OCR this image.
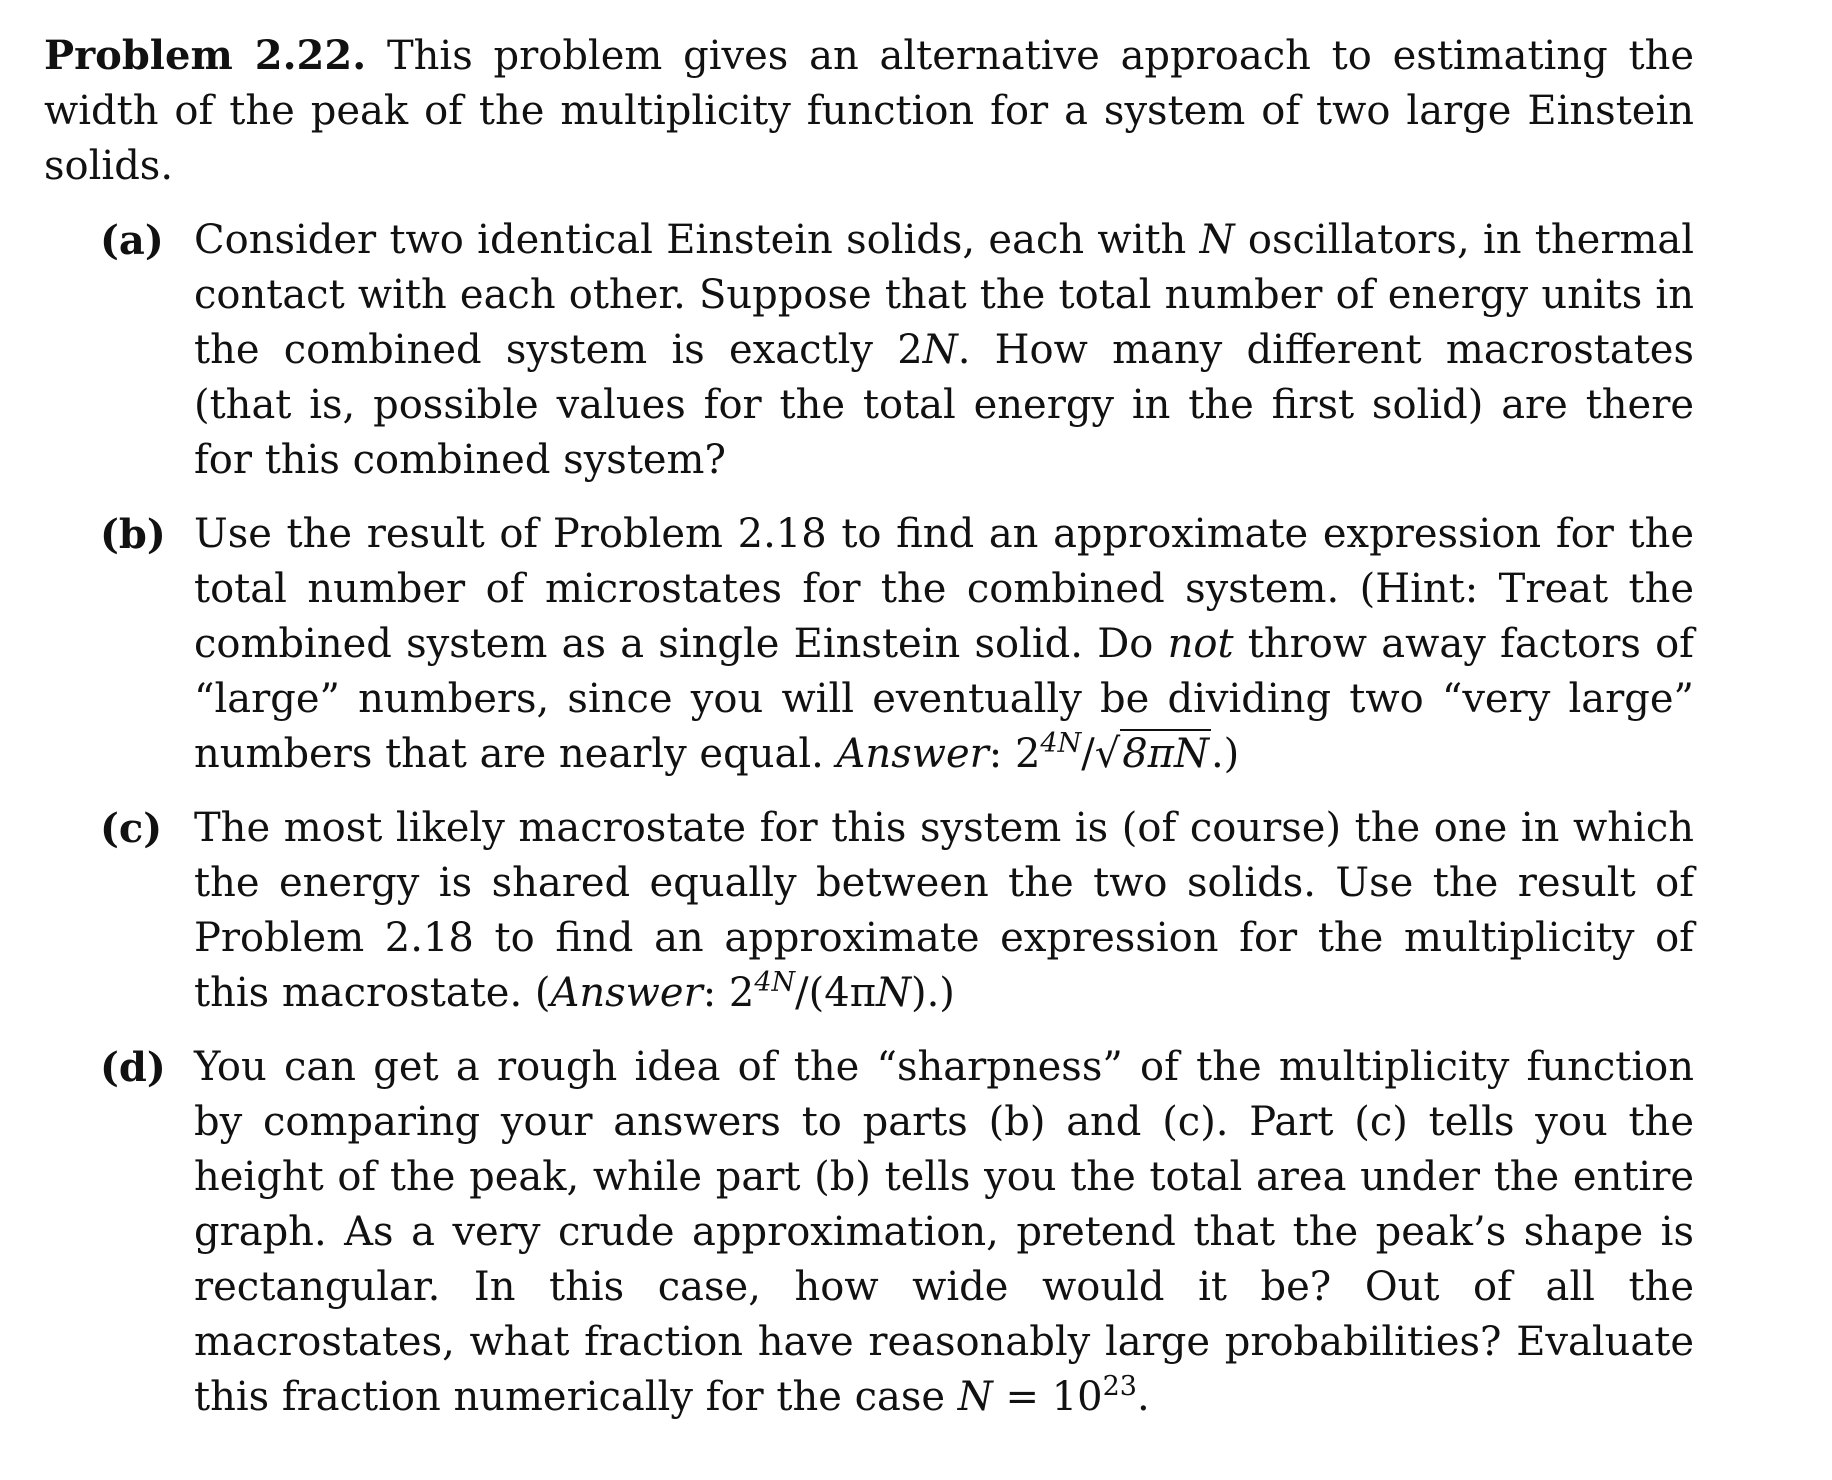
Problem 2.22. This problem gives an alternative approach to estimating the width of the peak of the multiplicity function for a system of two large Einstein solids.

(a) Consider two identical Einstein solids, each with N oscillators, in thermal contact with each other. Suppose that the total number of energy units in the combined system is exactly 2N. How many different macrostates (that is, possible values for the total energy in the first solid) are there for this combined system?
(b) Use the result of Problem 2.18 to find an approximate expression for the total number of microstates for the combined system. (Hint: Treat the combined system as a single Einstein solid. Do not throw away factors of “large” numbers, since you will eventually be dividing two “very large” numbers that are nearly equal. Answer: $2^{4N}/√8\pi N$.)
(c) The most likely macrostate for this system is (of course) the one in which the energy is shared equally between the two solids. Use the result of Problem 2.18 to find an approximate expression for the multiplicity of this macrostate. (Answer: $2^{4N}/(4\pi N)$.)
(d) You can get a rough idea of the “sharpness” of the multiplicity function by comparing your answers to parts (b) and (c). Part (c) tells you the height of the peak, while part (b) tells you the total area under the entire graph. As a very crude approximation, pretend that the peak’s shape is rectangular. In this case, how wide would it be? Out of all the macrostates, what fraction have reasonably large probabilities? Evaluate this fraction numerically for the case $N = 10^{23}$.
